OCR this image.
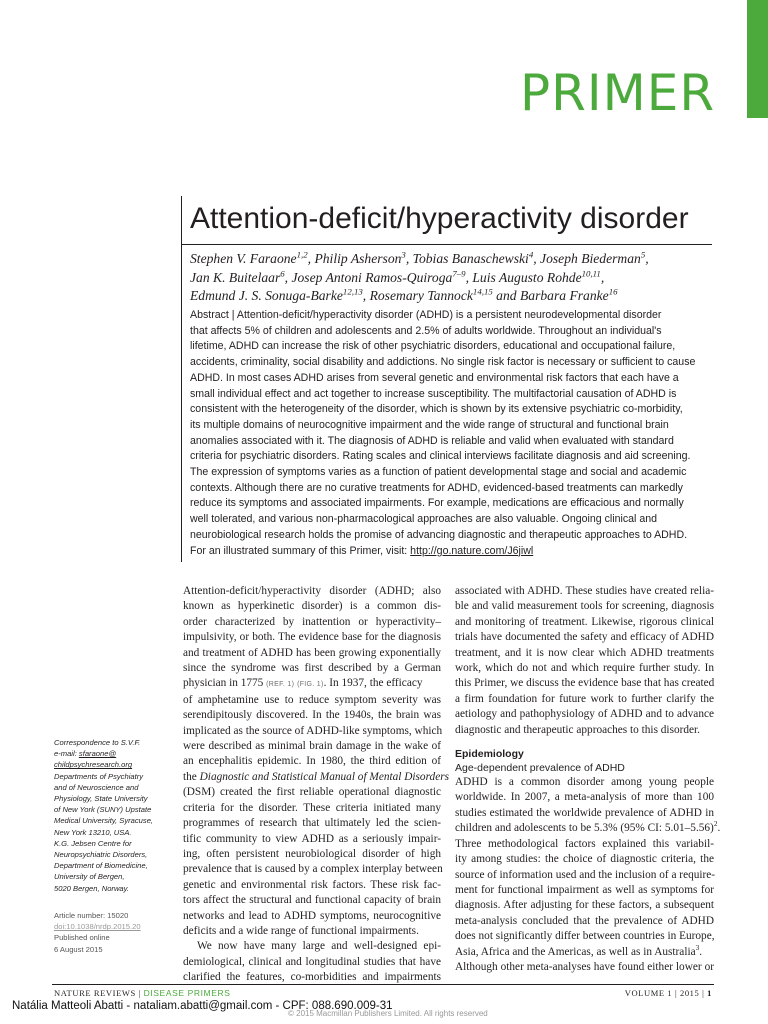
PRIMER
Attention-deficit/hyperactivity disorder
Stephen V. Faraone$^{1,2}$, Philip Asherson$^3$, Tobias Banaschewski$^4$, Joseph Biederman$^5$,
Jan K. Buitelaar$^6$, Josep Antoni Ramos-Quiroga$^{7-9}$, Luis Augusto Rohde$^{10,11}$,
Edmund J. S. Sonuga-Barke$^{12,13}$, Rosemary Tannock$^{14,15}$ and Barbara Franke$^{16}$
Abstract | Attention-deficit/hyperactivity disorder (ADHD) is a persistent neurodevelopmental disorder
that affects 5% of children and adolescents and 2.5% of adults worldwide. Throughout an individual's
lifetime, ADHD can increase the risk of other psychiatric disorders, educational and occupational failure,
accidents, criminality, social disability and addictions. No single risk factor is necessary or sufficient to cause
ADHD. In most cases ADHD arises from several genetic and environmental risk factors that each have a
small individual effect and act together to increase susceptibility. The multifactorial causation of ADHD is
consistent with the heterogeneity of the disorder, which is shown by its extensive psychiatric co-morbidity,
its multiple domains of neurocognitive impairment and the wide range of structural and functional brain
anomalies associated with it. The diagnosis of ADHD is reliable and valid when evaluated with standard
criteria for psychiatric disorders. Rating scales and clinical interviews facilitate diagnosis and aid screening.
The expression of symptoms varies as a function of patient developmental stage and social and academic
contexts. Although there are no curative treatments for ADHD, evidenced-based treatments can markedly
reduce its symptoms and associated impairments. For example, medications are efficacious and normally
well tolerated, and various non-pharmacological approaches are also valuable. Ongoing clinical and
neurobiological research holds the promise of advancing diagnostic and therapeutic approaches to ADHD.
For an illustrated summary of this Primer, visit: http://go.nature.com/J6jiwl
Attention-deficit/hyperactivity disorder (ADHD; also
known as hyperkinetic disorder) is a common dis-
order characterized by inattention or hyperactivity–
impulsivity, or both. The evidence base for the diagnosis
and treatment of ADHD has been growing exponentially
since the syndrome was first described by a German
physician in 1775 (REF. 1) (FIG. 1). In 1937, the efficacy
of amphetamine use to reduce symptom severity was
serendipitously discovered. In the 1940s, the brain was
implicated as the source of ADHD-like symptoms, which
were described as minimal brain damage in the wake of
an encephalitis epidemic. In 1980, the third edition of
the Diagnostic and Statistical Manual of Mental Disorders
(DSM) created the first reliable operational diagnostic
criteria for the disorder. These criteria initiated many
programmes of research that ultimately led the scien-
tific community to view ADHD as a seriously impair-
ing, often persistent neurobiological disorder of high
prevalence that is caused by a complex interplay between
genetic and environmental risk factors. These risk fac-
tors affect the structural and functional capacity of brain
networks and lead to ADHD symptoms, neurocognitive
deficits and a wide range of functional impairments.
We now have many large and well-designed epi-
demiological, clinical and longitudinal studies that have
clarified the features, co-morbidities and impairments
associated with ADHD. These studies have created relia-
ble and valid measurement tools for screening, diagnosis
and monitoring of treatment. Likewise, rigorous clinical
trials have documented the safety and efficacy of ADHD
treatment, and it is now clear which ADHD treatments
work, which do not and which require further study. In
this Primer, we discuss the evidence base that has created
a firm foundation for future work to further clarify the
aetiology and pathophysiology of ADHD and to advance
diagnostic and therapeutic approaches to this disorder.
Epidemiology
Age-dependent prevalence of ADHD
ADHD is a common disorder among young people
worldwide. In 2007, a meta-analysis of more than 100
studies estimated the worldwide prevalence of ADHD in
children and adolescents to be 5.3% (95% CI: 5.01–5.56)$^2$.
Three methodological factors explained this variabil-
ity among studies: the choice of diagnostic criteria, the
source of information used and the inclusion of a require-
ment for functional impairment as well as symptoms for
diagnosis. After adjusting for these factors, a subsequent
meta-analysis concluded that the prevalence of ADHD
does not significantly differ between countries in Europe,
Asia, Africa and the Americas, as well as in Australia$^3$.
Although other meta-analyses have found either lower or
Correspondence to S.V.F.
e-mail: sfaraone@
childpsychresearch.org
Departments of Psychiatry
and of Neuroscience and
Physiology, State University
of New York (SUNY) Upstate
Medical University, Syracuse,
New York 13210, USA.
K.G. Jebsen Centre for
Neuropsychiatric Disorders,
Department of Biomedicine,
University of Bergen,
5020 Bergen, Norway.
Article number: 15020
doi:10.1038/nrdp.2015.20
Published online
6 August 2015
NATURE REVIEWS | DISEASE PRIMERS	VOLUME 1 | 2015 | 1
© 2015 Macmillan Publishers Limited. All rights reserved
Natália Matteoli Abatti - nataliam.abatti@gmail.com - CPF: 088.690.009-31
